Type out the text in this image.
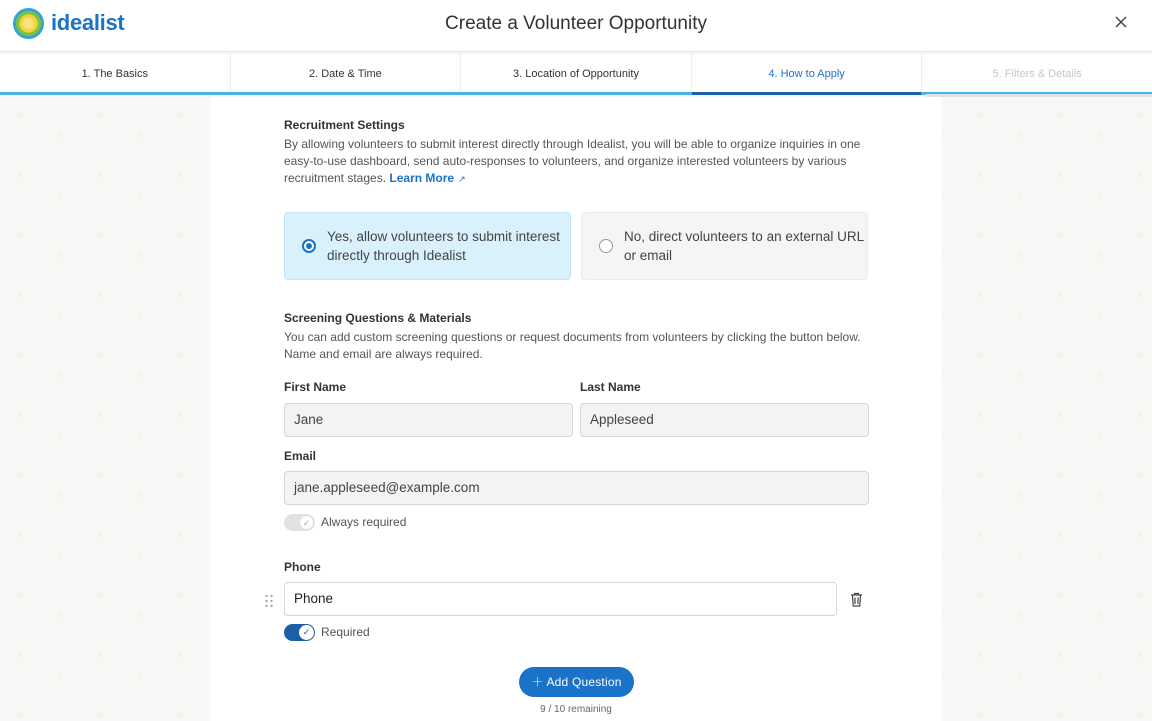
idealist	Create a Volunteer Opportunity
1. The Basics	2. Date & Time	3. Location of Opportunity	4. How to Apply	5. Filters & Details
Recruitment Settings
By allowing volunteers to submit interest directly through Idealist, you will be able to organize inquiries in one easy-to-use dashboard, send auto-responses to volunteers, and organize interested volunteers by various recruitment stages. Learn More ↗
Yes, allow volunteers to submit interest directly through Idealist
No, direct volunteers to an external URL or email
Screening Questions & Materials
You can add custom screening questions or request documents from volunteers by clicking the button below. Name and email are always required.
First Name
Jane
Last Name
Appleseed
Email
jane.appleseed@example.com
✓ Always required
Phone
Phone
✓ Required
＋ Add Question
9 / 10 remaining
